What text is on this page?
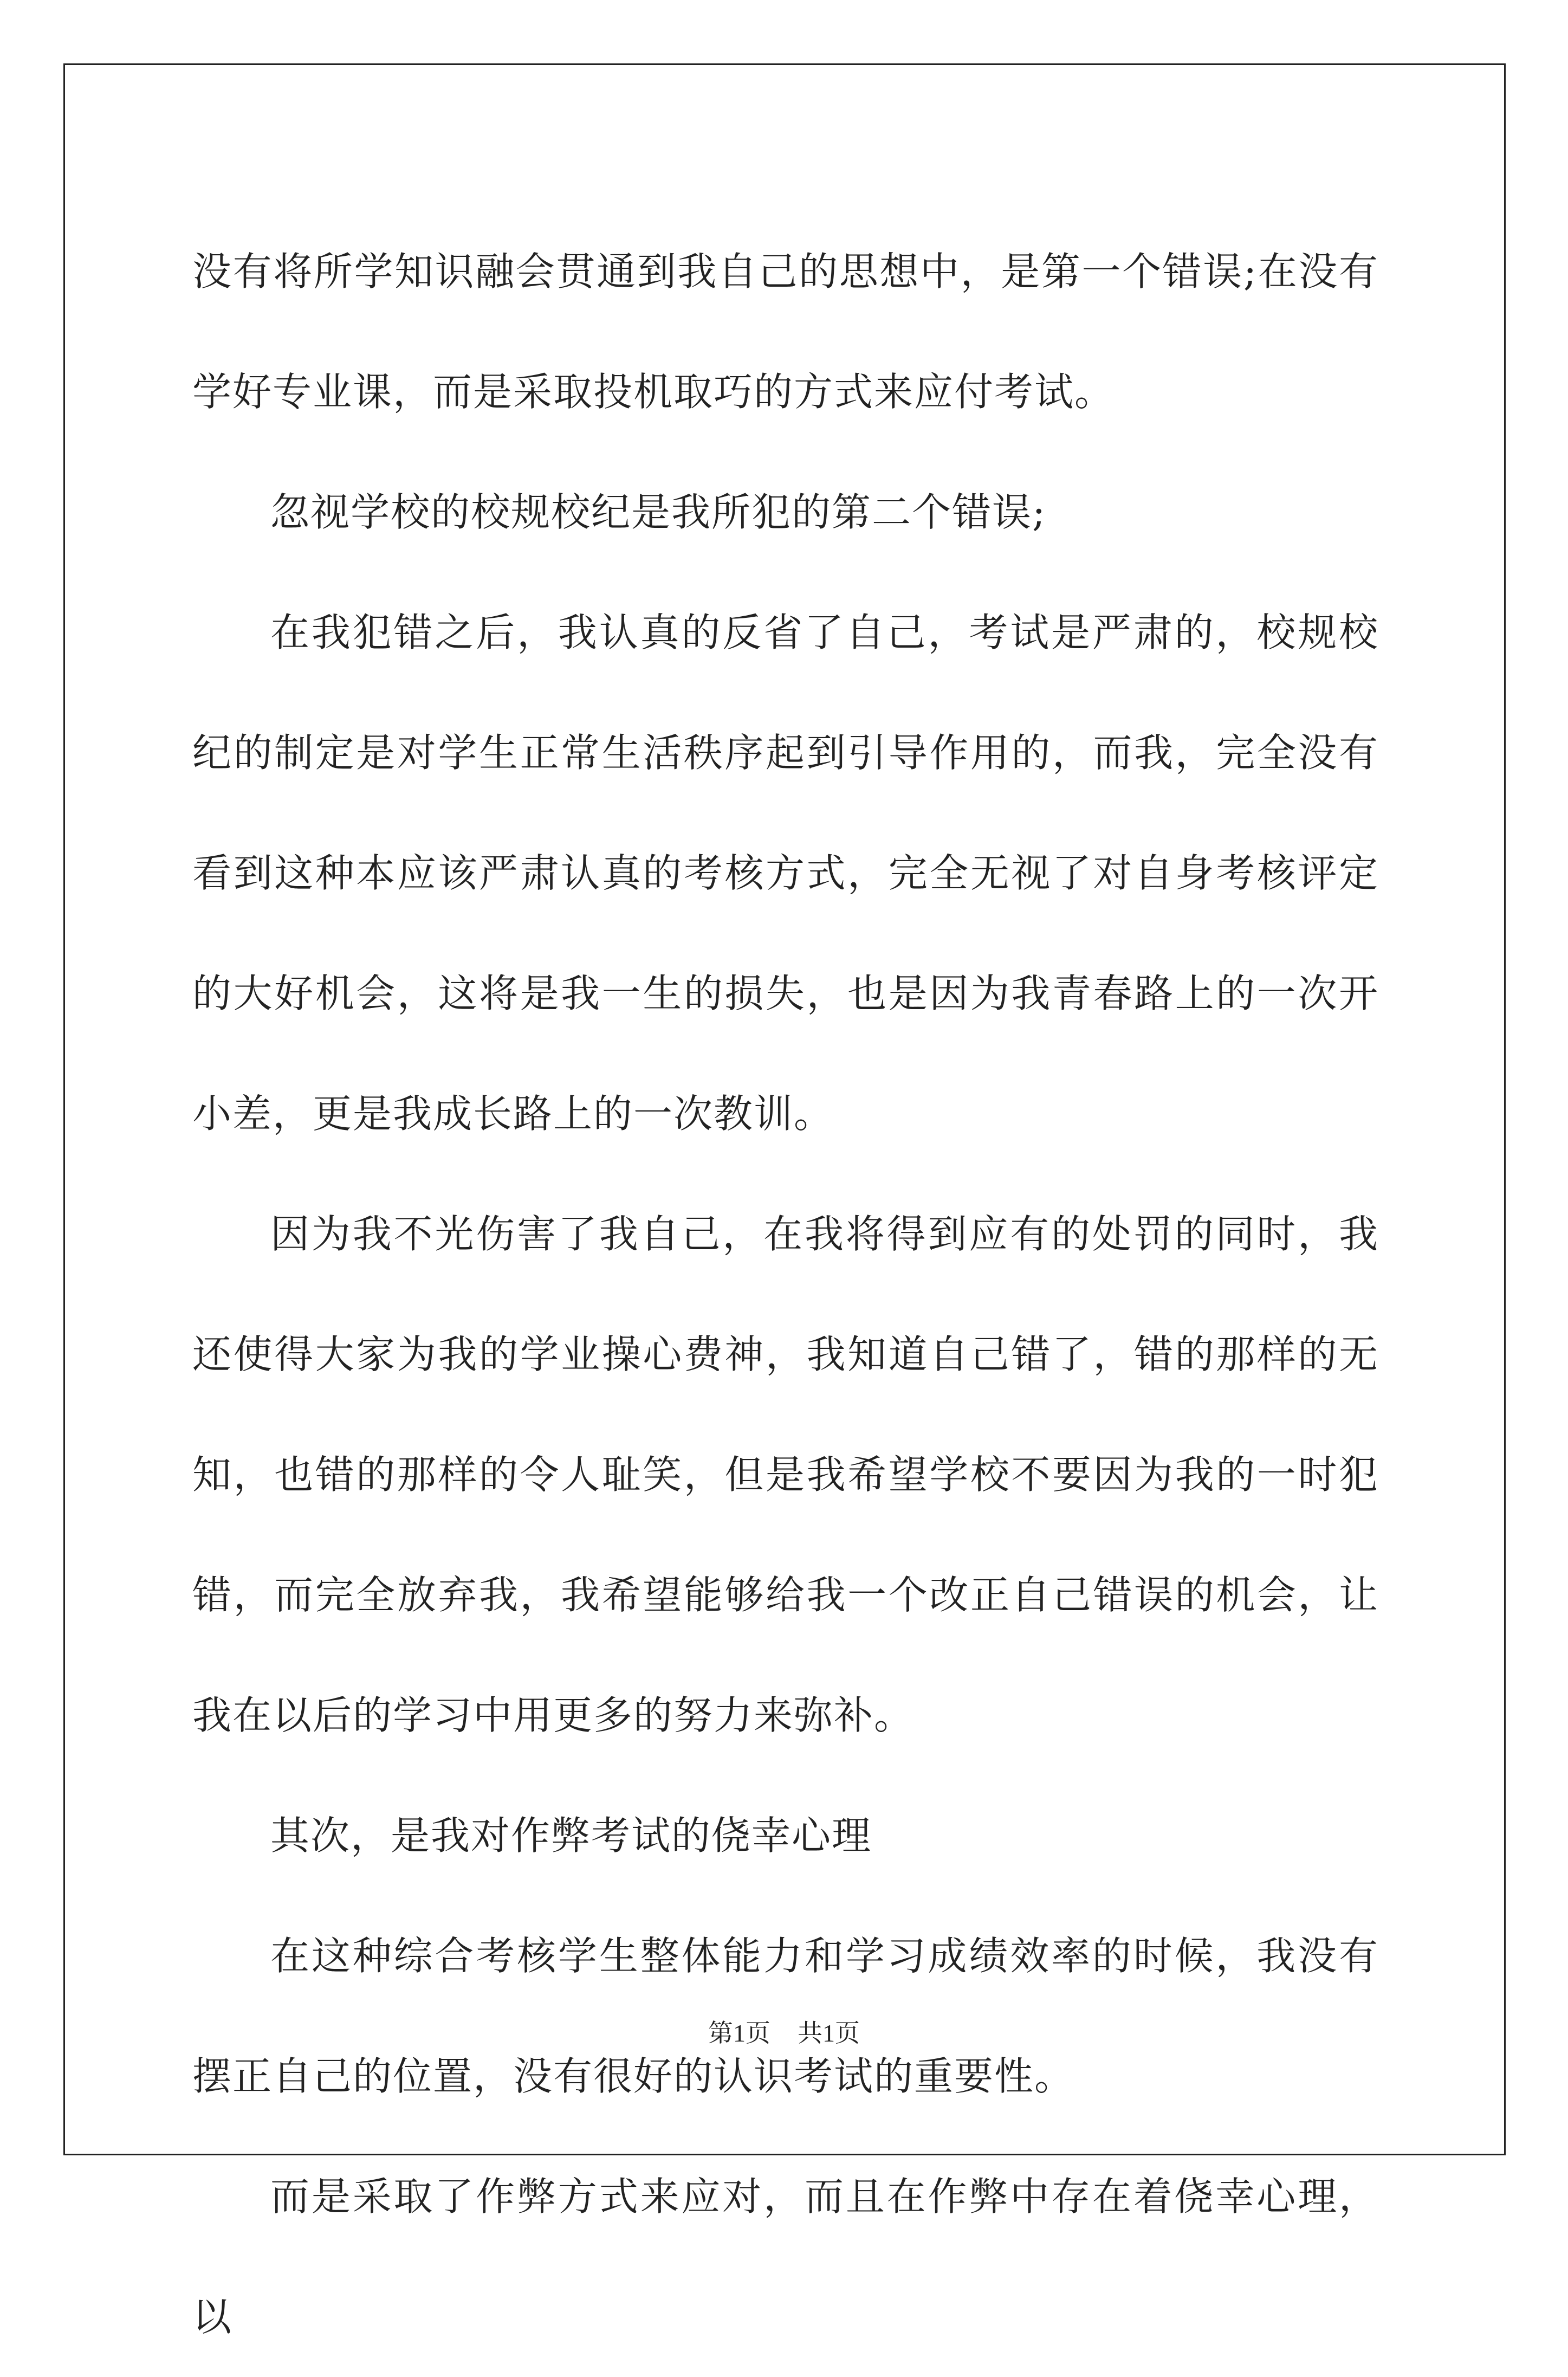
没有将所学知识融会贯通到我自己的思想中，是第一个错误;在没有学好专业课，而是采取投机取巧的方式来应付考试。

忽视学校的校规校纪是我所犯的第二个错误;

在我犯错之后，我认真的反省了自己，考试是严肃的，校规校纪的制定是对学生正常生活秩序起到引导作用的，而我，完全没有看到这种本应该严肃认真的考核方式，完全无视了对自身考核评定的大好机会，这将是我一生的损失，也是因为我青春路上的一次开小差，更是我成长路上的一次教训。

因为我不光伤害了我自己，在我将得到应有的处罚的同时，我还使得大家为我的学业操心费神，我知道自己错了，错的那样的无知，也错的那样的令人耻笑，但是我希望学校不要因为我的一时犯错，而完全放弃我，我希望能够给我一个改正自己错误的机会，让我在以后的学习中用更多的努力来弥补。

其次，是我对作弊考试的侥幸心理

在这种综合考核学生整体能力和学习成绩效率的时候，我没有摆正自己的位置，没有很好的认识考试的重要性。

而是采取了作弊方式来应对，而且在作弊中存在着侥幸心理，以

第1页 共1页
